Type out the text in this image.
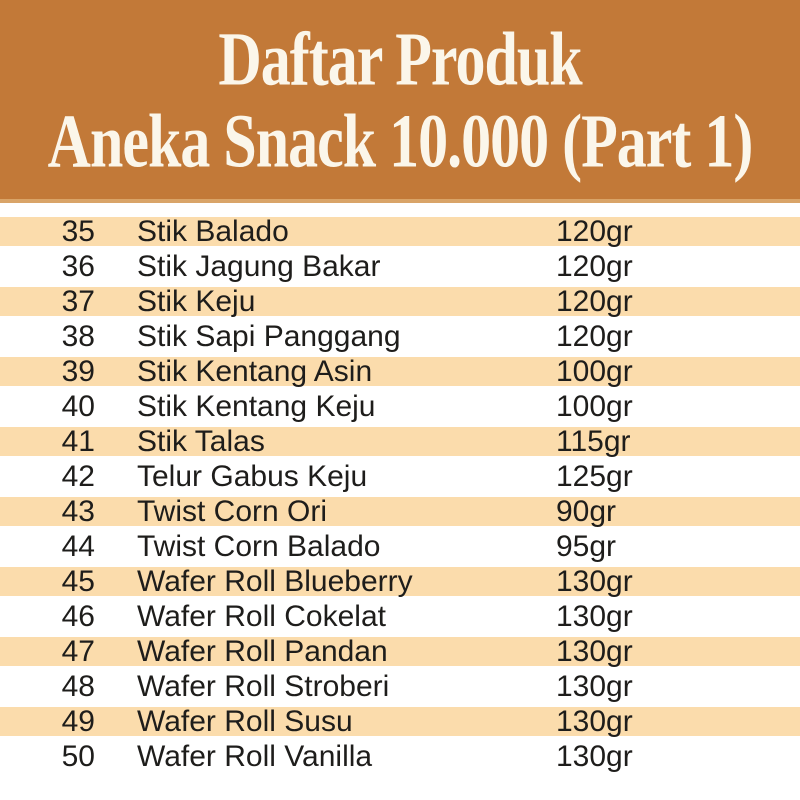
Daftar Produk
Aneka Snack 10.000 (Part 1)
35 Stik Balado	120gr
36 Stik Jagung Bakar	120gr
37 Stik Keju	120gr
38 Stik Sapi Panggang	120gr
39 Stik Kentang Asin	100gr
40 Stik Kentang Keju	100gr
41 Stik Talas	115gr
42 Telur Gabus Keju	125gr
43 Twist Corn Ori	90gr
44 Twist Corn Balado	95gr
45 Wafer Roll Blueberry	130gr
46 Wafer Roll Cokelat	130gr
47 Wafer Roll Pandan	130gr
48 Wafer Roll Stroberi	130gr
49 Wafer Roll Susu	130gr
50 Wafer Roll Vanilla	130gr
